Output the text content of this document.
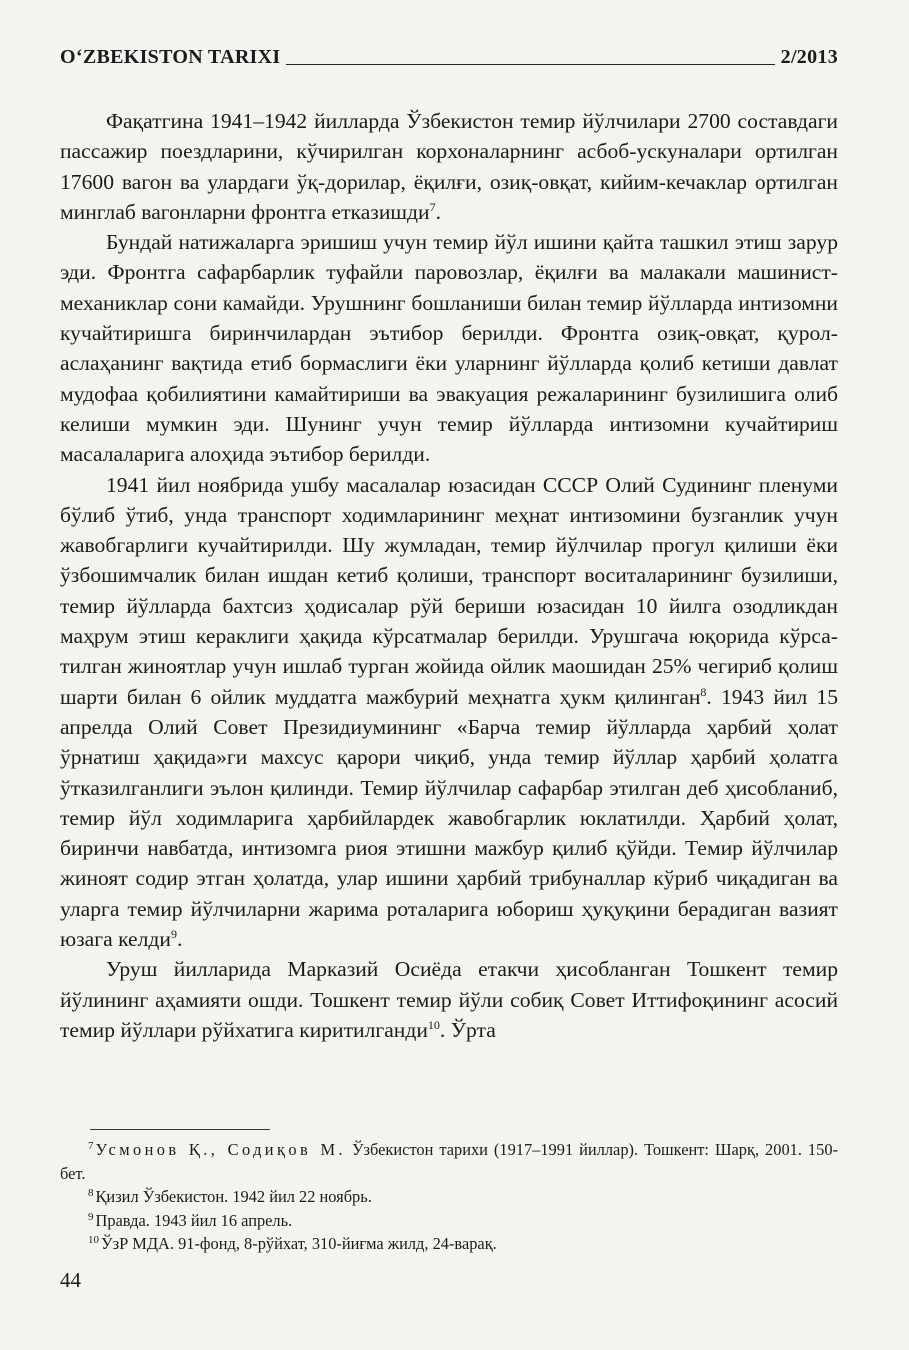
O‘ZBEKISTON TARIXI	2/2013

Фақатгина 1941–1942 йилларда Ўзбекистон темир йўлчилари 2700 составдаги пассажир поездларини, кўчирилган корхоналарнинг асбоб-ускуналари ортилган 17600 вагон ва улардаги ўқ-дорилар, ёқилғи, озиқ-овқат, кийим-кечаклар ортилган минглаб вагонларни фронтга етказишди$^7$.

Бундай натижаларга эришиш учун темир йўл ишини қайта ташкил этиш зарур эди. Фронтга сафарбарлик туфайли паровозлар, ёқилғи ва малакали машинист-механиклар сони камайди. Урушнинг бошланиши билан темир йўлларда интизомни кучайтиришга биринчилардан эътибор берилди. Фронтга озиқ-овқат, қурол-аслаҳанинг вақтида етиб бормаслиги ёки уларнинг йўлларда қолиб кетиши давлат мудофаа қобилиятини камайтириши ва эвакуация режаларининг бузилишига олиб келиши мумкин эди. Шунинг учун темир йўлларда интизомни кучайтириш масалаларига алоҳида эътибор берилди.

1941 йил ноябрида ушбу масалалар юзасидан СССР Олий Судининг пленуми бўлиб ўтиб, унда транспорт ходимларининг меҳнат интизомини бузганлик учун жавобгарлиги кучайтирилди. Шу жумладан, темир йўлчилар прогул қилиши ёки ўзбошимчалик билан ишдан кетиб қолиши, транспорт воситаларининг бузилиши, темир йўлларда бахтсиз ҳодисалар рўй бериши юзасидан 10 йилга озодликдан маҳрум этиш кераклиги ҳақида кўрсатмалар берилди. Урушгача юқорида кўрсатилган жиноятлар учун ишлаб турган жойида ойлик маошидан 25% чегириб қолиш шарти билан 6 ойлик муддатга мажбурий меҳнатга ҳукм қилинган$^8$. 1943 йил 15 апрелда Олий Совет Президиумининг «Барча темир йўлларда ҳарбий ҳолат ўрнатиш ҳақида»ги махсус қарори чиқиб, унда темир йўллар ҳарбий ҳолатга ўтказилганлиги эълон қилинди. Темир йўлчилар сафарбар этилган деб ҳисобланиб, темир йўл ходимларига ҳарбийлардек жавобгарлик юклатилди. Ҳарбий ҳолат, биринчи навбатда, интизомга риоя этишни мажбур қилиб қўйди. Темир йўлчилар жиноят содир этган ҳолатда, улар ишини ҳарбий трибуналлар кўриб чиқадиган ва уларга темир йўлчиларни жарима роталарига юбориш ҳуқуқини берадиган вазият юзага келди$^9$.

Уруш йилларида Марказий Осиёда етакчи ҳисобланган Тошкент темир йўлининг аҳамияти ошди. Тошкент темир йўли собиқ Совет Иттифоқининг асосий темир йўллари рўйхатига киритилганди$^{10}$. Ўрта

$^7$ Усмонов Қ., Содиқов М. Ўзбекистон тарихи (1917–1991 йиллар). Тошкент: Шарқ, 2001. 150-бет.

$^8$ Қизил Ўзбекистон. 1942 йил 22 ноябрь.

$^9$ Правда. 1943 йил 16 апрель.

$^{10}$ ЎзР МДА. 91-фонд, 8-рўйхат, 310-йиғма жилд, 24-варақ.

44
